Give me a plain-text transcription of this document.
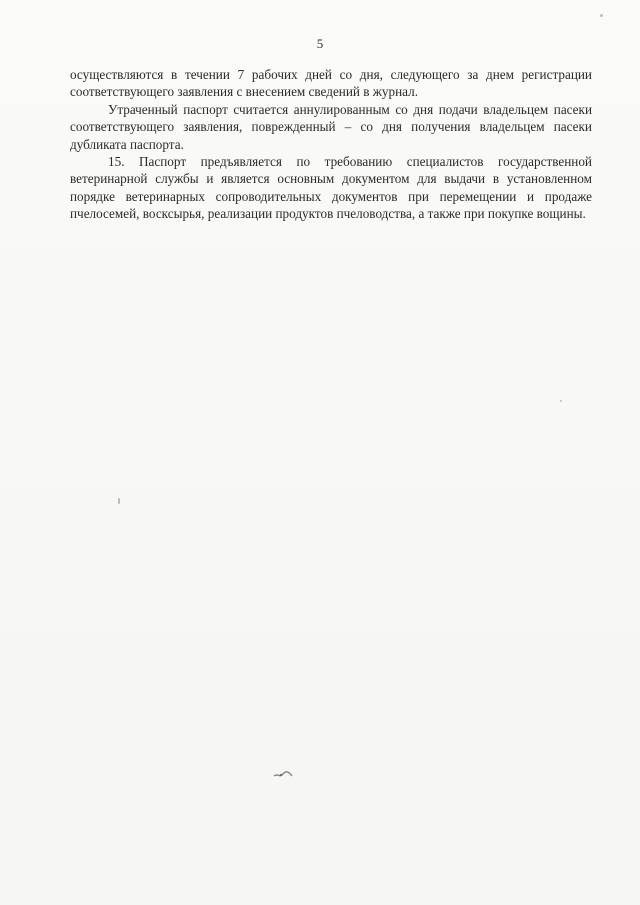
5

осуществляются в течении 7 рабочих дней со дня, следующего за днем регистрации соответствующего заявления с внесением сведений в журнал.

Утраченный паспорт считается аннулированным со дня подачи владельцем пасеки соответствующего заявления, поврежденный – со дня получения владельцем пасеки дубликата паспорта.

15. Паспорт предъявляется по требованию специалистов государственной ветеринарной службы и является основным документом для выдачи в установленном порядке ветеринарных сопроводительных документов при перемещении и продаже пчелосемей, восксырья, реализации продуктов пчеловодства, а также при покупке вощины.
